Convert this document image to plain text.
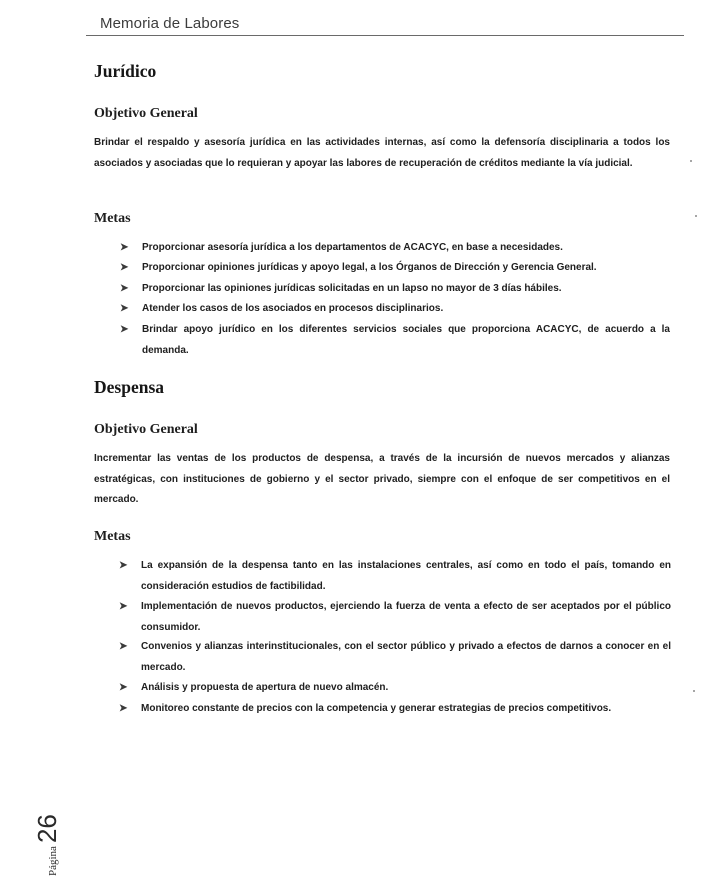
Memoria de Labores
Jurídico
Objetivo General

Brindar el respaldo y asesoría jurídica en las actividades internas, así como la defensoría disciplinaria a todos los asociados y asociadas que lo requieran y apoyar las labores de recuperación de créditos mediante la vía judicial.

Metas
➤ Proporcionar asesoría jurídica a los departamentos de ACACYC, en base a necesidades.
➤ Proporcionar opiniones jurídicas y apoyo legal, a los Órganos de Dirección y Gerencia General.
➤ Proporcionar las opiniones jurídicas solicitadas en un lapso no mayor de 3 días hábiles.
➤ Atender los casos de los asociados en procesos disciplinarios.
➤ Brindar apoyo jurídico en los diferentes servicios sociales que proporciona ACACYC, de acuerdo a la demanda.
Despensa
Objetivo General

Incrementar las ventas de los productos de despensa, a través de la incursión de nuevos mercados y alianzas estratégicas, con instituciones de gobierno y el sector privado, siempre con el enfoque de ser competitivos en el mercado.

Metas
➤ La expansión de la despensa tanto en las instalaciones centrales, así como en todo el país, tomando en consideración estudios de factibilidad.
➤ Implementación de nuevos productos, ejerciendo la fuerza de venta a efecto de ser aceptados por el público consumidor.
➤ Convenios y alianzas interinstitucionales, con el sector público y privado a efectos de darnos a conocer en el mercado.
➤ Análisis y propuesta de apertura de nuevo almacén.
➤ Monitoreo constante de precios con la competencia y generar estrategias de precios competitivos.
Página26
